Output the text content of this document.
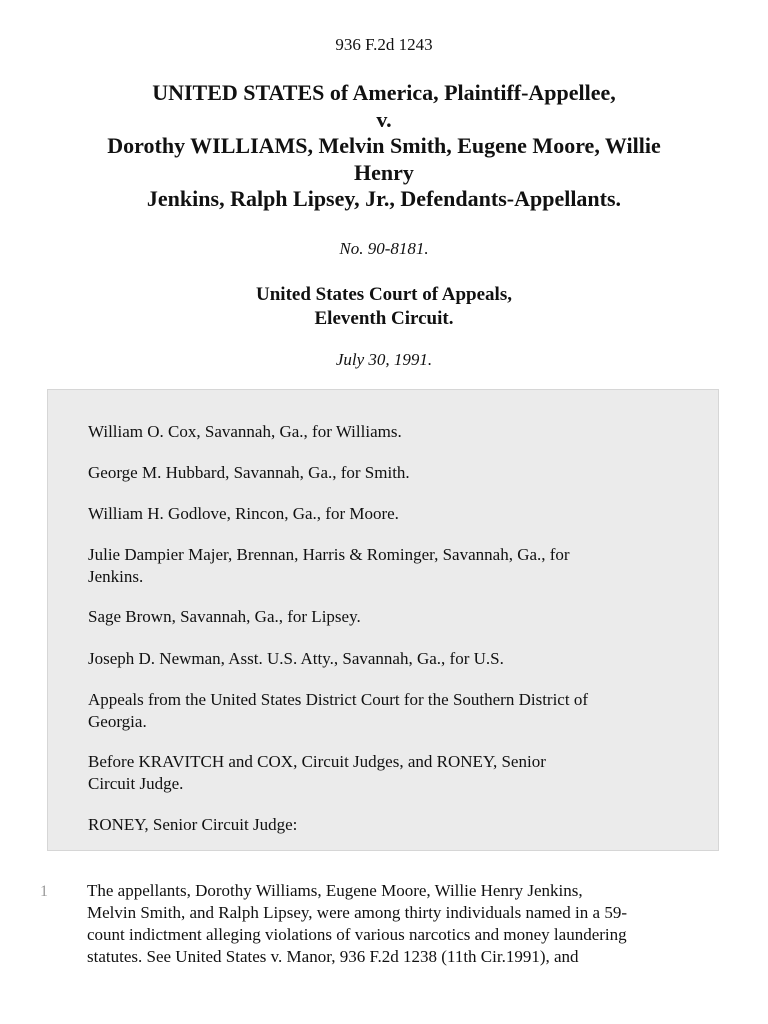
936 F.2d 1243
UNITED STATES of America, Plaintiff-Appellee,
v.
Dorothy WILLIAMS, Melvin Smith, Eugene Moore, Willie
Henry
Jenkins, Ralph Lipsey, Jr., Defendants-Appellants.
No. 90-8181.
United States Court of Appeals,
Eleventh Circuit.
July 30, 1991.
William O. Cox, Savannah, Ga., for Williams.
George M. Hubbard, Savannah, Ga., for Smith.
William H. Godlove, Rincon, Ga., for Moore.
Julie Dampier Majer, Brennan, Harris & Rominger, Savannah, Ga., for
Jenkins.
Sage Brown, Savannah, Ga., for Lipsey.
Joseph D. Newman, Asst. U.S. Atty., Savannah, Ga., for U.S.
Appeals from the United States District Court for the Southern District of
Georgia.
Before KRAVITCH and COX, Circuit Judges, and RONEY, Senior
Circuit Judge.
RONEY, Senior Circuit Judge:
1 The appellants, Dorothy Williams, Eugene Moore, Willie Henry Jenkins,
Melvin Smith, and Ralph Lipsey, were among thirty individuals named in a 59-
count indictment alleging violations of various narcotics and money laundering
statutes. See United States v. Manor, 936 F.2d 1238 (11th Cir.1991), and
